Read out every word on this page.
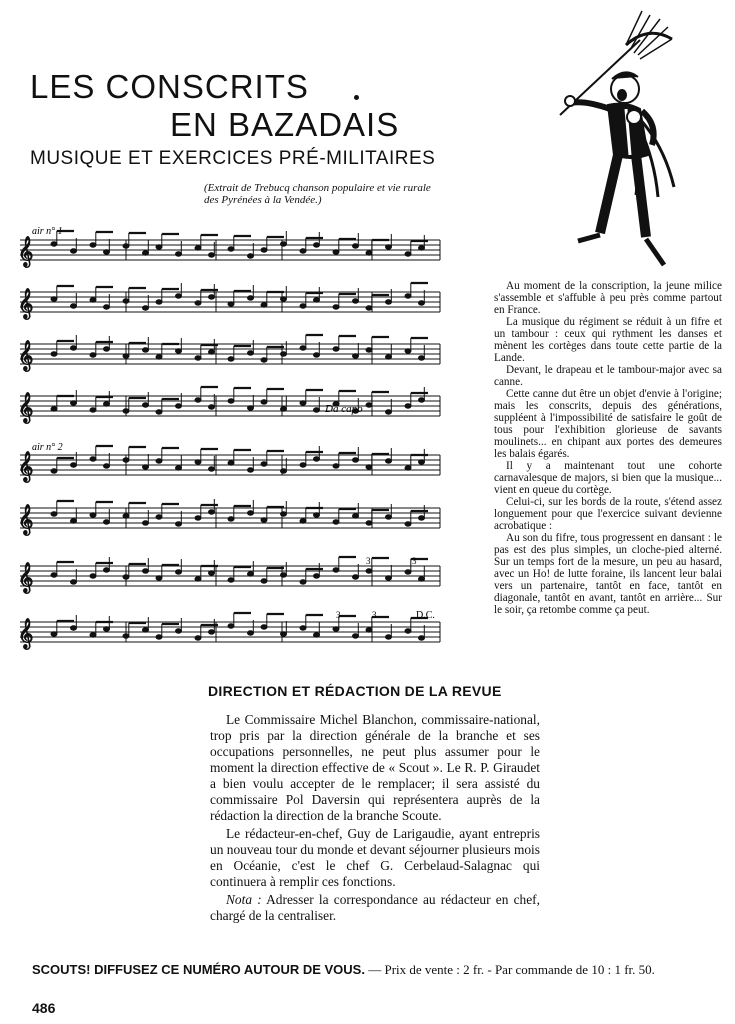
LES CONSCRITS
EN BAZADAIS
MUSIQUE ET EXERCICES PRÉ-MILITAIRES
(Extrait de Trebucq chanson populaire et vie rurale des Pyrénées à la Vendée.)
𝄞
𝄞
𝄞
𝄞
𝄞
𝄞
𝄞
𝄞
air n° 1
air n° 2
Da capo
D.C.
3	3
3	3

Au moment de la conscription, la jeune milice s'assemble et s'affuble à peu près comme partout en France.

La musique du régiment se réduit à un fifre et un tambour : ceux qui rythment les danses et mènent les cortèges dans toute cette partie de la Lande.

Devant, le drapeau et le tambour-major avec sa canne.

Cette canne dut être un objet d'envie à l'origine; mais les conscrits, depuis des générations, suppléent à l'impossibilité de satisfaire le goût de tous pour l'exhibition glorieuse de savants moulinets... en chipant aux portes des demeures les balais égarés.

Il y a maintenant tout une cohorte carnavalesque de majors, si bien que la musique... vient en queue du cortège.

Celui-ci, sur les bords de la route, s'étend assez longuement pour que l'exercice suivant devienne acrobatique :

Au son du fifre, tous progressent en dansant : le pas est des plus simples, un cloche-pied alterné. Sur un temps fort de la mesure, un peu au hasard, avec un Ho! de lutte foraine, ils lancent leur balai vers un partenaire, tantôt en face, tantôt en diagonale, tantôt en avant, tantôt en arrière... Sur le soir, ça retombe comme ça peut.

DIRECTION ET RÉDACTION DE LA REVUE

Le Commissaire Michel Blanchon, commissaire-national, trop pris par la direction générale de la branche et ses occupations personnelles, ne peut plus assumer pour le moment la direction effective de « Scout ». Le R. P. Giraudet a bien voulu accepter de le remplacer; il sera assisté du commissaire Pol Daversin qui représentera auprès de la rédaction la direction de la branche Scoute.

Le rédacteur-en-chef, Guy de Larigaudie, ayant entrepris un nouveau tour du monde et devant séjourner plusieurs mois en Océanie, c'est le chef G. Cerbelaud-Salagnac qui continuera à remplir ces fonctions.

Nota : Adresser la correspondance au rédacteur en chef, chargé de la centraliser.

SCOUTS! DIFFUSEZ CE NUMÉRO AUTOUR DE VOUS. — Prix de vente : 2 fr. - Par commande de 10 : 1 fr. 50.
486
